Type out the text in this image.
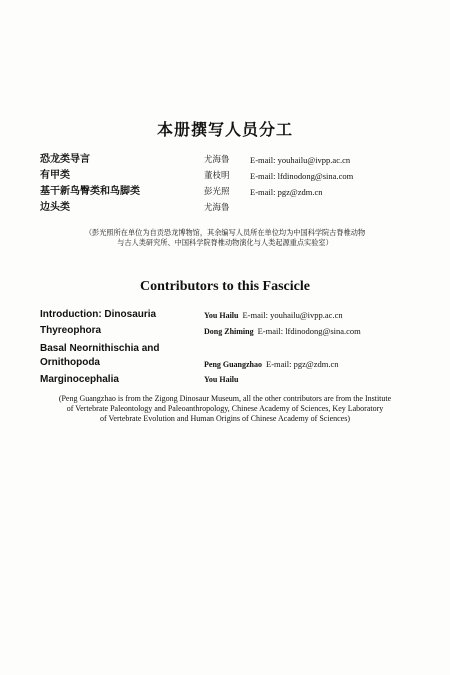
本册撰写人员分工
恐龙类导言	尤海鲁 E-mail: youhailu@ivpp.ac.cn
有甲类	董枝明 E-mail: lfdinodong@sina.com
基干新鸟臀类和鸟脚类	彭光照 E-mail: pgz@zdm.cn
边头类	尤海鲁
（彭光照所在单位为自贡恐龙博物馆，其余编写人员所在单位均为中国科学院古脊椎动物
与古人类研究所、中国科学院脊椎动物演化与人类起源重点实验室）
Contributors to this Fascicle
Introduction: Dinosauria	You Hailu E-mail: youhailu@ivpp.ac.cn
Thyreophora	Dong Zhiming E-mail: lfdinodong@sina.com
Basal Neornithischia and
Ornithopoda	Peng Guangzhao E-mail: pgz@zdm.cn
Marginocephalia	You Hailu
(Peng Guangzhao is from the Zigong Dinosaur Museum, all the other contributors are from the Institute
of Vertebrate Paleontology and Paleoanthropology, Chinese Academy of Sciences, Key Laboratory
of Vertebrate Evolution and Human Origins of Chinese Academy of Sciences)
